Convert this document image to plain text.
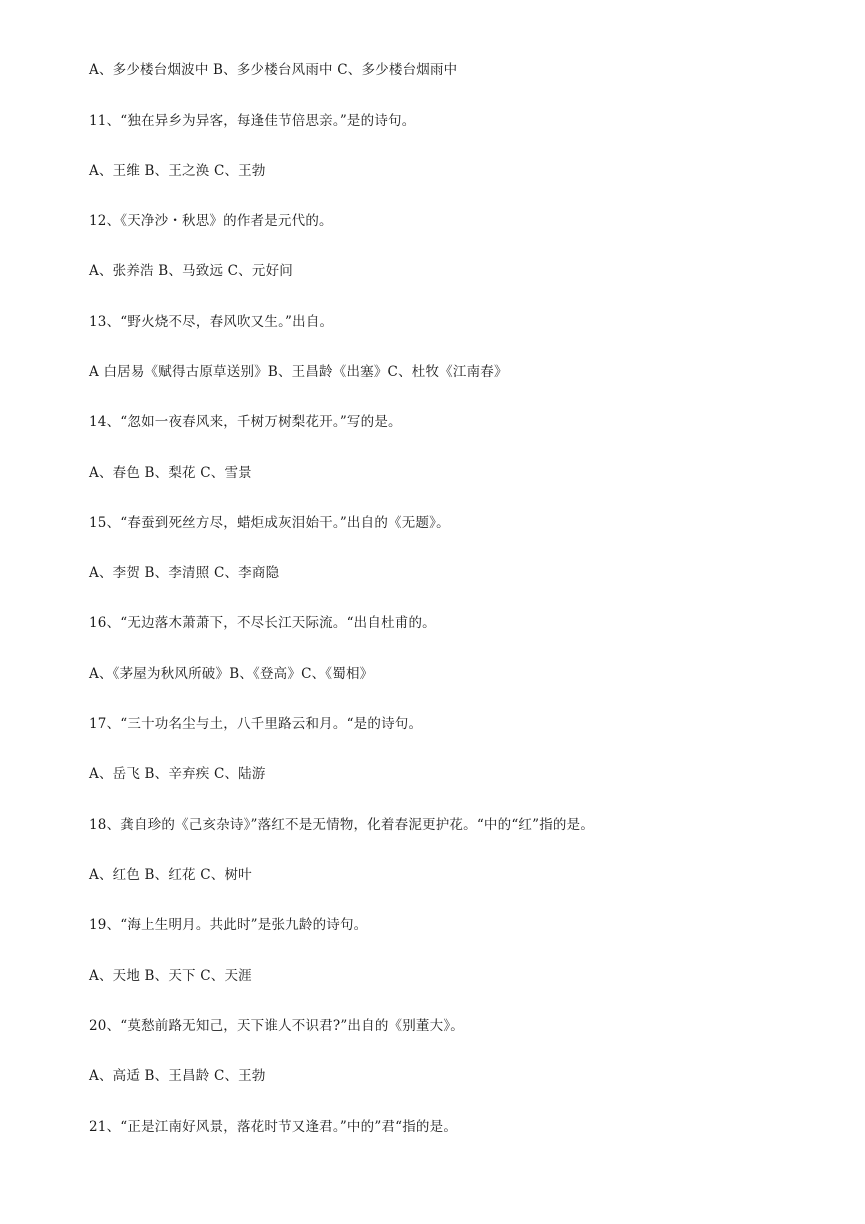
A、多少楼台烟波中 B、多少楼台风雨中 C、多少楼台烟雨中
11、“独在异乡为异客，每逢佳节倍思亲。”是的诗句。
A、王维 B、王之涣 C、王勃
12、《天净沙・秋思》的作者是元代的。
A、张养浩 B、马致远 C、元好问
13、“野火烧不尽，春风吹又生。”出自。
A 白居易《赋得古原草送别》B、王昌龄《出塞》C、杜牧《江南春》
14、“忽如一夜春风来，千树万树梨花开。”写的是。
A、春色 B、梨花 C、雪景
15、“春蚕到死丝方尽，蜡炬成灰泪始干。”出自的《无题》。
A、李贺 B、李清照 C、李商隐
16、“无边落木萧萧下，不尽长江天际流。“出自杜甫的。
A、《茅屋为秋风所破》B、《登高》C、《蜀相》
17、“三十功名尘与土，八千里路云和月。“是的诗句。
A、岳飞 B、辛弃疾 C、陆游
18、龚自珍的《己亥杂诗》”落红不是无情物，化着春泥更护花。“中的“红”指的是。
A、红色 B、红花 C、树叶
19、“海上生明月。共此时”是张九龄的诗句。
A、天地 B、天下 C、天涯
20、“莫愁前路无知己，天下谁人不识君?”出自的《别董大》。
A、高适 B、王昌龄 C、王勃
21、“正是江南好风景，落花时节又逢君。”中的”君“指的是。
